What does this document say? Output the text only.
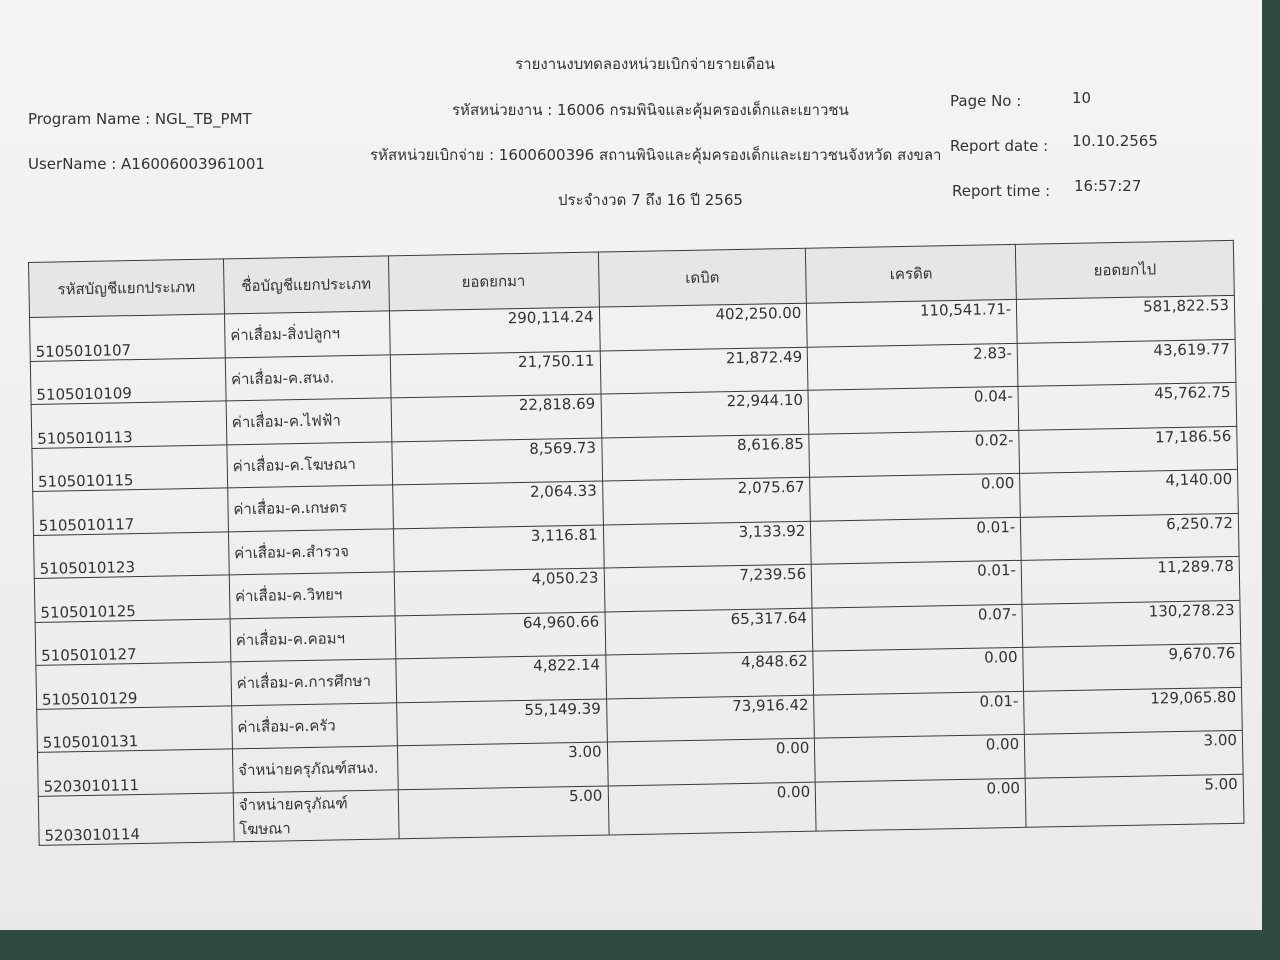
รายงานงบทดลองหน่วยเบิกจ่ายรายเดือน
รหัสหน่วยงาน : 16006 กรมพินิจและคุ้มครองเด็กและเยาวชน
รหัสหน่วยเบิกจ่าย : 1600600396 สถานพินิจและคุ้มครองเด็กและเยาวชนจังหวัด สงขลา
ประจำงวด 7 ถึง 16 ปี 2565
Program Name : NGL_TB_PMT
UserName : A16006003961001
Page No :	10
Report date : 10.10.2565
Report time : 16:57:27
รหัสบัญชีแยกประเภท	ชื่อบัญชีแยกประเภท	ยอดยกมา	เดบิต	เครดิต	ยอดยกไป
5105010107	ค่าเสื่อม-สิ่งปลูกฯ	290,114.24	402,250.00	110,541.71-	581,822.53
5105010109	ค่าเสื่อม-ค.สนง.	21,750.11	21,872.49	2.83-	43,619.77
5105010113	ค่าเสื่อม-ค.ไฟฟ้า	22,818.69	22,944.10	0.04-	45,762.75
5105010115	ค่าเสื่อม-ค.โฆษณา	8,569.73	8,616.85	0.02-	17,186.56
5105010117	ค่าเสื่อม-ค.เกษตร	2,064.33	2,075.67	0.00	4,140.00
5105010123	ค่าเสื่อม-ค.สำรวจ	3,116.81	3,133.92	0.01-	6,250.72
5105010125	ค่าเสื่อม-ค.วิทยฯ	4,050.23	7,239.56	0.01-	11,289.78
5105010127	ค่าเสื่อม-ค.คอมฯ	64,960.66	65,317.64	0.07-	130,278.23
5105010129	ค่าเสื่อม-ค.การศึกษา	4,822.14	4,848.62	0.00	9,670.76
5105010131	ค่าเสื่อม-ค.ครัว	55,149.39	73,916.42	0.01-	129,065.80
5203010111	จำหน่ายครุภัณฑ์สนง.	3.00	0.00	0.00	3.00
5203010114	จำหน่ายครุภัณฑ์โฆษณา	5.00	0.00	0.00	5.00
